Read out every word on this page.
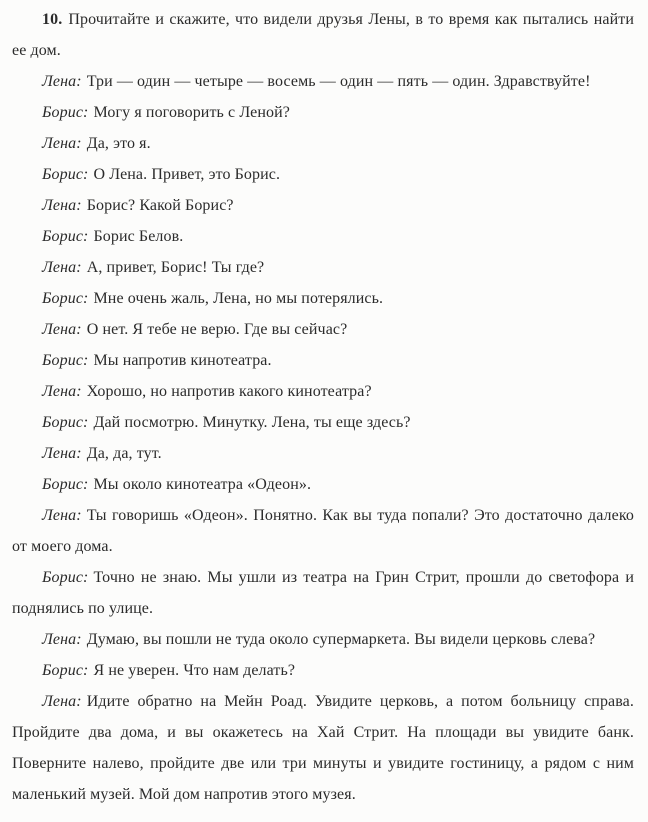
10. Прочитайте и скажите, что видели друзья Лены, в то время как пытались найти ее дом.

Лена: Три — один — четыре — восемь — один — пять — один. Здравствуйте!

Борис: Могу я поговорить с Леной?

Лена: Да, это я.

Борис: О Лена. Привет, это Борис.

Лена: Борис? Какой Борис?

Борис: Борис Белов.

Лена: А, привет, Борис! Ты где?

Борис: Мне очень жаль, Лена, но мы потерялись.

Лена: О нет. Я тебе не верю. Где вы сейчас?

Борис: Мы напротив кинотеатра.

Лена: Хорошо, но напротив какого кинотеатра?

Борис: Дай посмотрю. Минутку. Лена, ты еще здесь?

Лена: Да, да, тут.

Борис: Мы около кинотеатра «Одеон».

Лена: Ты говоришь «Одеон». Понятно. Как вы туда попали? Это достаточно далеко от моего дома.

Борис: Точно не знаю. Мы ушли из театра на Грин Стрит, прошли до светофора и поднялись по улице.

Лена: Думаю, вы пошли не туда около супермаркета. Вы видели церковь слева?

Борис: Я не уверен. Что нам делать?

Лена: Идите обратно на Мейн Роад. Увидите церковь, а потом больницу справа. Пройдите два дома, и вы окажетесь на Хай Стрит. На площади вы увидите банк. Поверните налево, пройдите две или три минуты и увидите гостиницу, а рядом с ним маленький музей. Мой дом напротив этого музея.
